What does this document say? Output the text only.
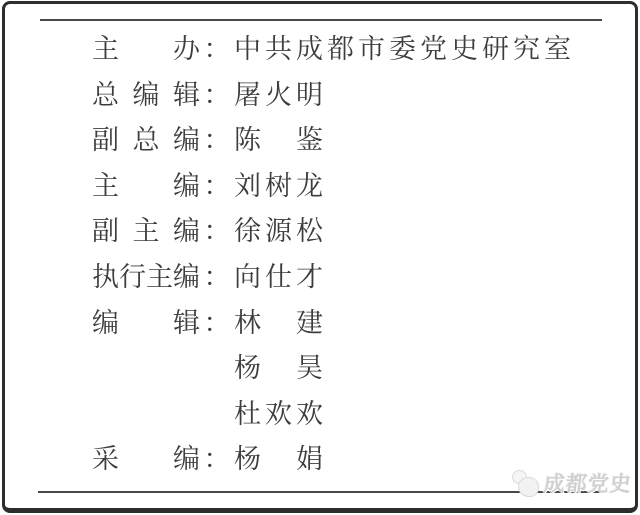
主 办 ： 中共成都市委党史研究室
总 编 辑 ： 屠火明
副 总 编 ： 陈　鉴
主 编 ： 刘树龙
副 主 编 ： 徐源松
执 行 主 编 ： 向仕才
编 辑 ： 林　建
杨　昊
杜欢欢
采 编 ： 杨　娟
成都党史
